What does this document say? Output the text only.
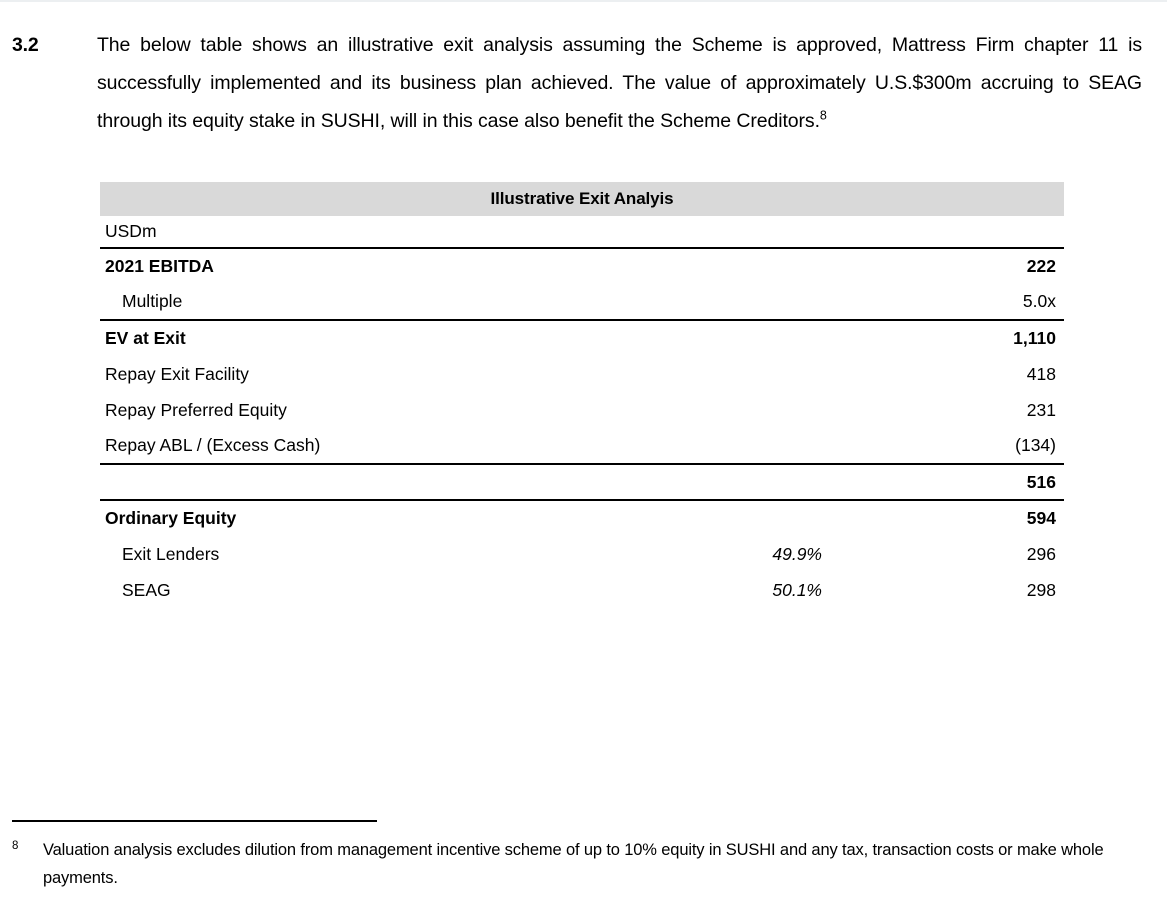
3.2	The below table shows an illustrative exit analysis assuming the Scheme is approved, Mattress Firm chapter 11 is successfully implemented and its business plan achieved. The value of approximately U.S.$300m accruing to SEAG through its equity stake in SUSHI, will in this case also benefit the Scheme Creditors.$^8$
Illustrative Exit Analyis
USDm		
2021 EBITDA		222
Multiple		5.0x
EV at Exit		1,110
Repay Exit Facility		418
Repay Preferred Equity		231
Repay ABL / (Excess Cash)		(134)
		516
Ordinary Equity		594
Exit Lenders	49.9%	296
SEAG	50.1%	298
8 Valuation analysis excludes dilution from management incentive scheme of up to 10% equity in SUSHI and any tax, transaction costs or make whole payments.
